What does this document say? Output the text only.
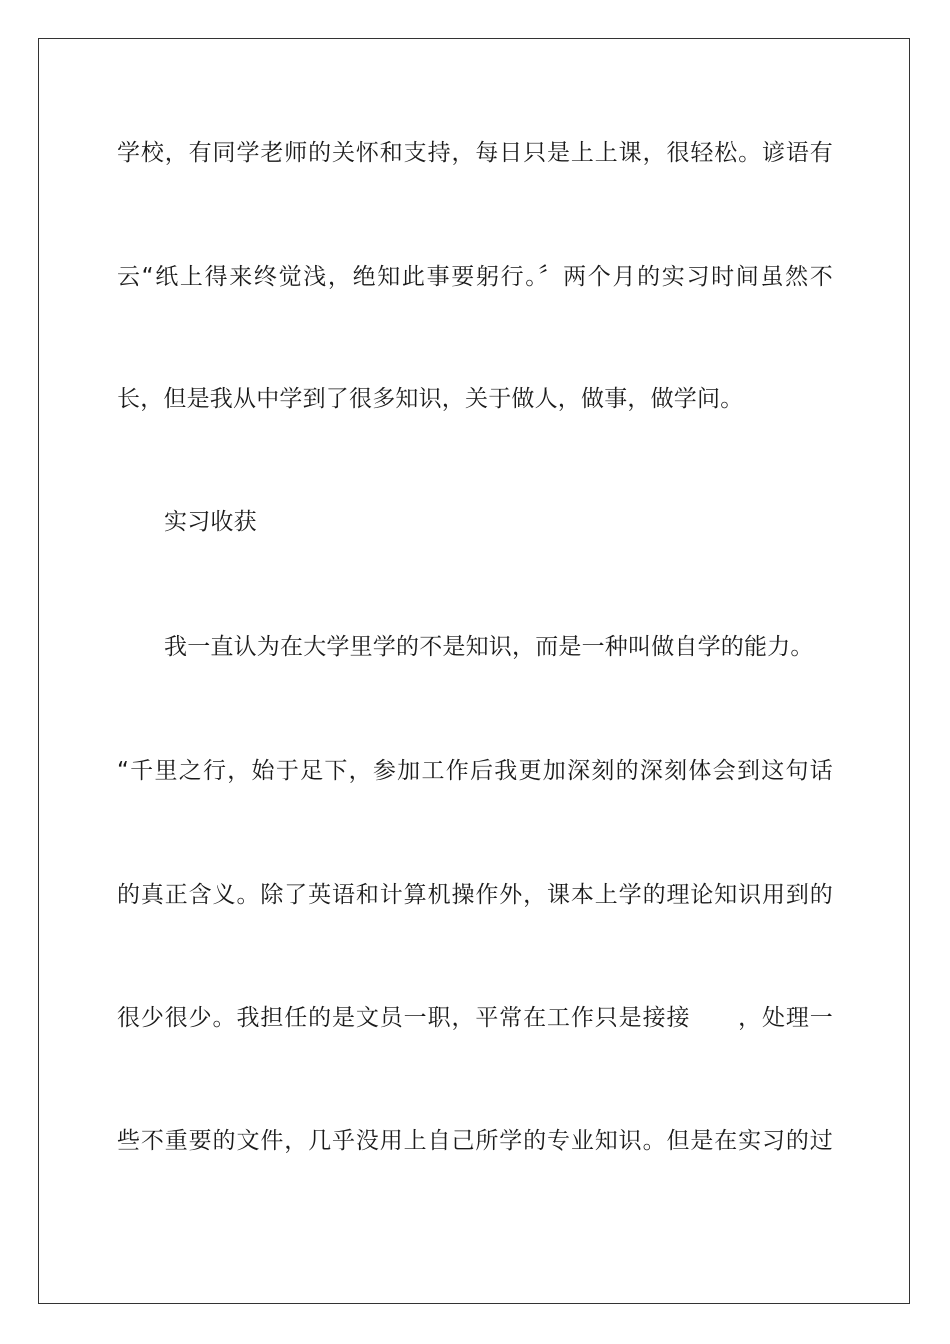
学校，有同学老师的关怀和支持，每日只是上上课，很轻松。谚语有
云“纸上得来终觉浅，绝知此事要躬行。〞两个月的实习时间虽然不
长，但是我从中学到了很多知识，关于做人，做事，做学问。
实习收获
我一直认为在大学里学的不是知识，而是一种叫做自学的能力。
“千里之行，始于足下，参加工作后我更加深刻的深刻体会到这句话
的真正含义。除了英语和计算机操作外，课本上学的理论知识用到的
很少很少。我担任的是文员一职，平常在工作只是接接　　，处理一
些不重要的文件，几乎没用上自己所学的专业知识。但是在实习的过
